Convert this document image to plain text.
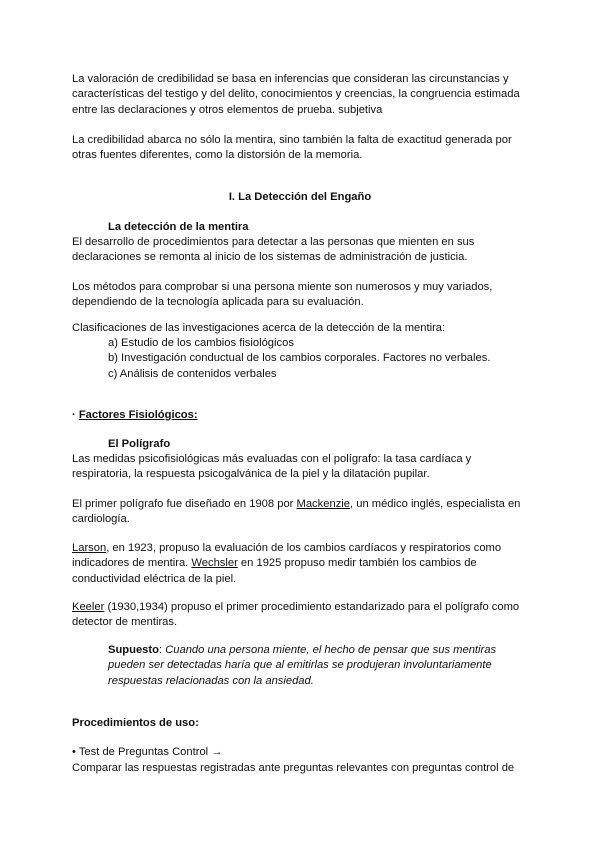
La valoración de credibilidad se basa en inferencias que consideran las circunstancias y características del testigo y del delito, conocimientos y creencias, la congruencia estimada entre las declaraciones y otros elementos de prueba. subjetiva

La credibilidad abarca no sólo la mentira, sino también la falta de exactitud generada por otras fuentes diferentes, como la distorsión de la memoria.

I. La Detección del Engaño

La detección de la mentira

El desarrollo de procedimientos para detectar a las personas que mienten en sus declaraciones se remonta al inicio de los sistemas de administración de justicia.

Los métodos para comprobar si una persona miente son numerosos y muy variados, dependiendo de la tecnología aplicada para su evaluación.

Clasificaciones de las investigaciones acerca de la detección de la mentira:

a) Estudio de los cambios fisiológicos

b) Investigación conductual de los cambios corporales. Factores no verbales.

c) Análisis de contenidos verbales

· Factores Fisiológicos:

El Polígrafo

Las medidas psicofisiológicas más evaluadas con el polígrafo: la tasa cardíaca y respiratoria, la respuesta psicogalvánica de la piel y la dilatación pupilar.

El primer polígrafo fue diseñado en 1908 por Mackenzie, un médico inglés, especialista en cardiología.

Larson, en 1923, propuso la evaluación de los cambios cardíacos y respiratorios como indicadores de mentira. Wechsler en 1925 propuso medir también los cambios de conductividad eléctrica de la piel.

Keeler (1930,1934) propuso el primer procedimiento estandarizado para el polígrafo como detector de mentiras.

Supuesto: Cuando una persona miente, el hecho de pensar que sus mentiras pueden ser detectadas haría que al emitirlas se produjeran involuntariamente respuestas relacionadas con la ansiedad.

Procedimientos de uso:

• Test de Preguntas Control →

Comparar las respuestas registradas ante preguntas relevantes con preguntas control de
